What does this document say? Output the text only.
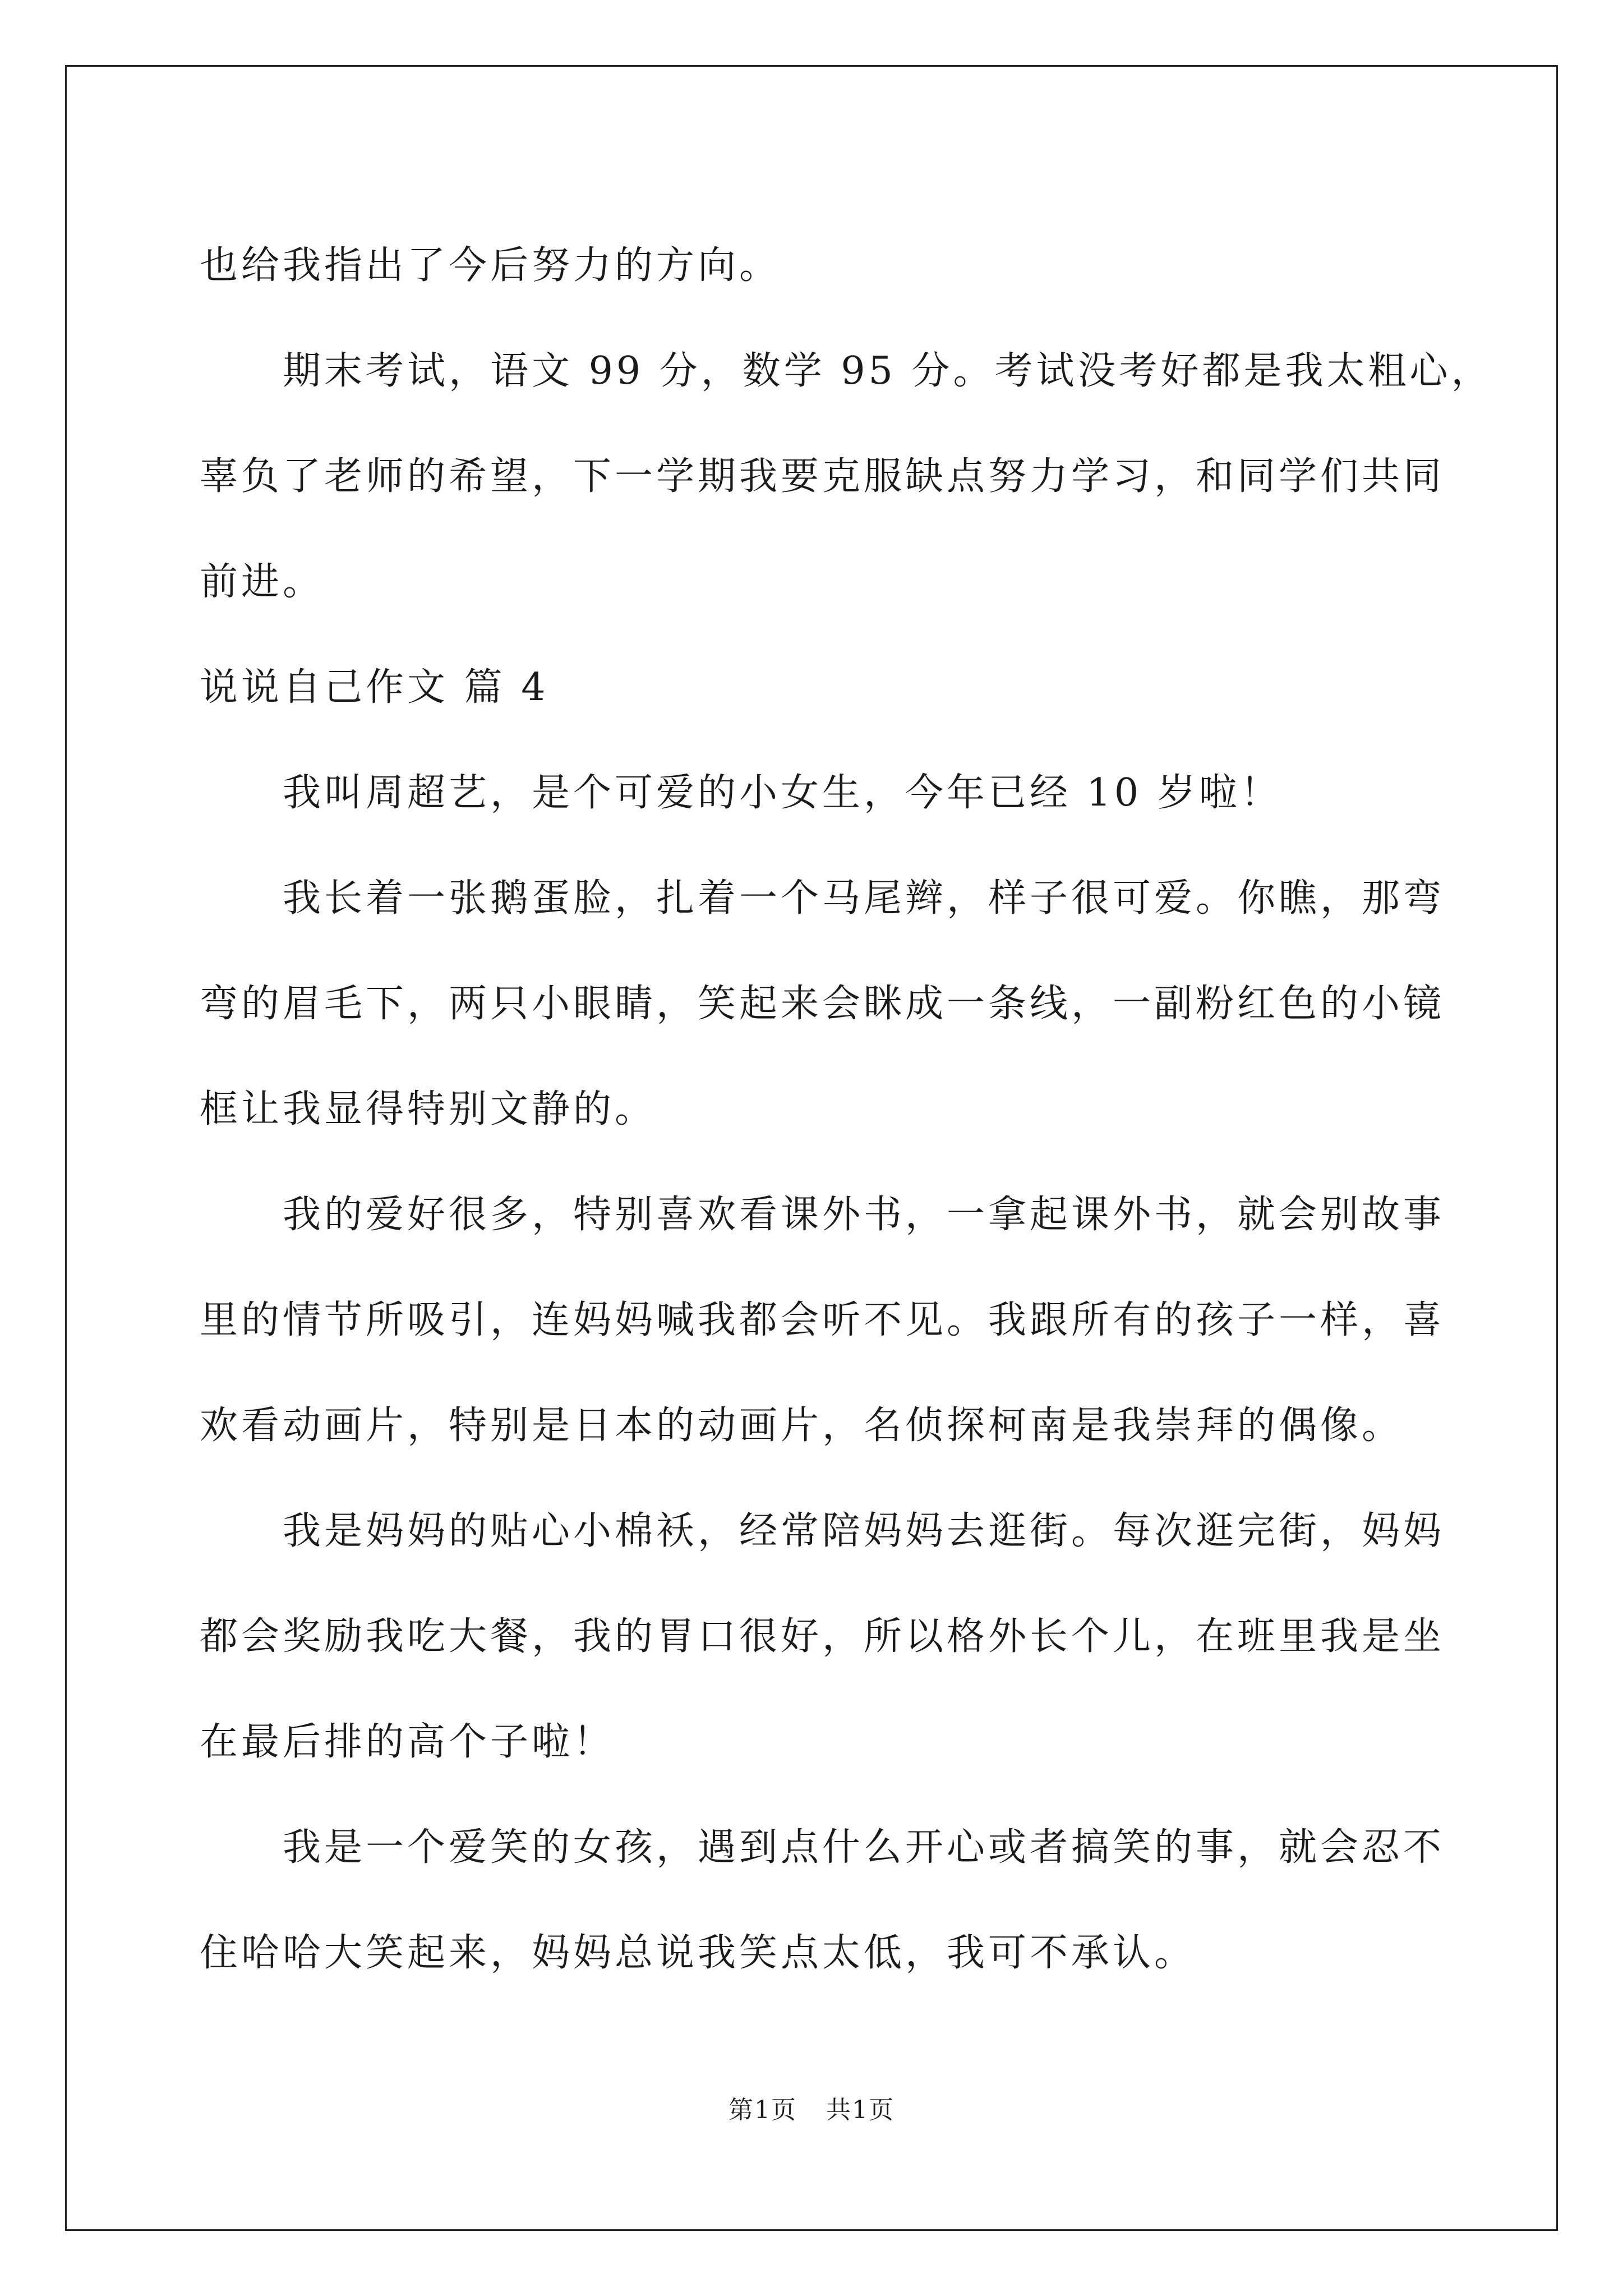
也给我指出了今后努力的方向。
期末考试，语文 99 分，数学 95 分。考试没考好都是我太粗心，
辜负了老师的希望，下一学期我要克服缺点努力学习，和同学们共同
前进。
说说自己作文 篇 4
我叫周超艺，是个可爱的小女生，今年已经 10 岁啦！
我长着一张鹅蛋脸，扎着一个马尾辫，样子很可爱。你瞧，那弯
弯的眉毛下，两只小眼睛，笑起来会眯成一条线，一副粉红色的小镜
框让我显得特别文静的。
我的爱好很多，特别喜欢看课外书，一拿起课外书，就会别故事
里的情节所吸引，连妈妈喊我都会听不见。我跟所有的孩子一样，喜
欢看动画片，特别是日本的动画片，名侦探柯南是我崇拜的偶像。
我是妈妈的贴心小棉袄，经常陪妈妈去逛街。每次逛完街，妈妈
都会奖励我吃大餐，我的胃口很好，所以格外长个儿，在班里我是坐
在最后排的高个子啦！
我是一个爱笑的女孩，遇到点什么开心或者搞笑的事，就会忍不
住哈哈大笑起来，妈妈总说我笑点太低，我可不承认。
第1页 共1页
